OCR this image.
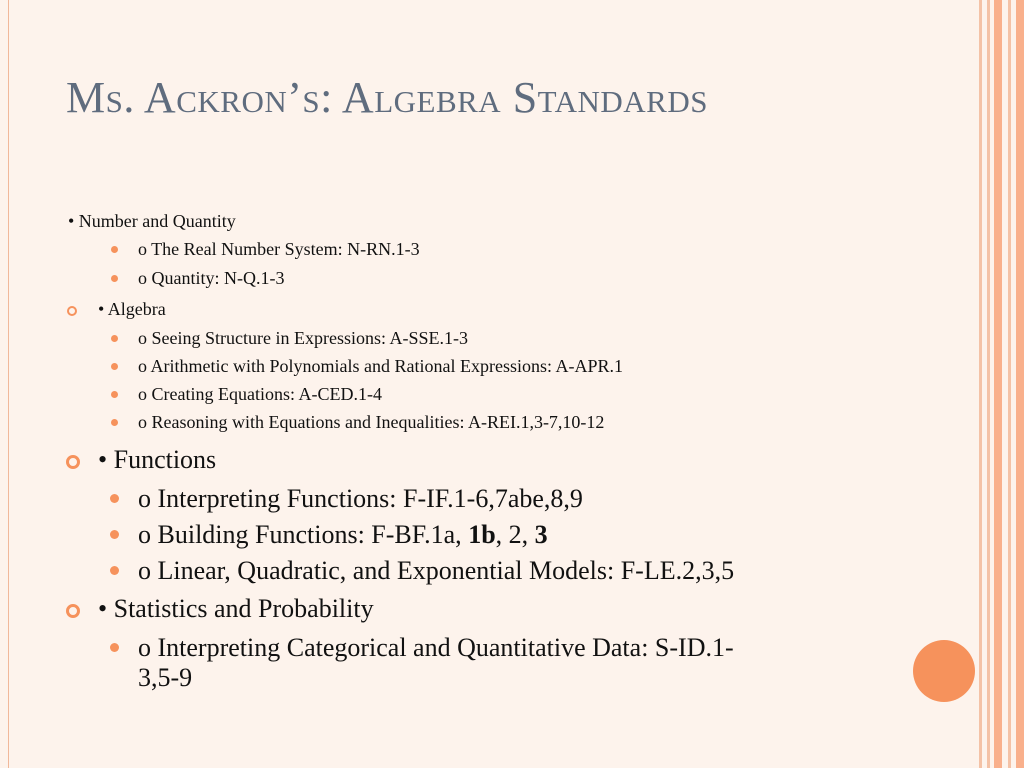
Ms. Ackron’s: Algebra Standards
• Number and Quantity
o The Real Number System: N-RN.1-3
o Quantity: N-Q.1-3
• Algebra
o Seeing Structure in Expressions: A-SSE.1-3
o Arithmetic with Polynomials and Rational Expressions: A-APR.1
o Creating Equations: A-CED.1-4
o Reasoning with Equations and Inequalities: A-REI.1,3-7,10-12
• Functions
o Interpreting Functions: F-IF.1-6,7abe,8,9
o Building Functions: F-BF.1a, 1b, 2, 3
o Linear, Quadratic, and Exponential Models: F-LE.2,3,5
• Statistics and Probability
o Interpreting Categorical and Quantitative Data: S-ID.1-
3,5-9
